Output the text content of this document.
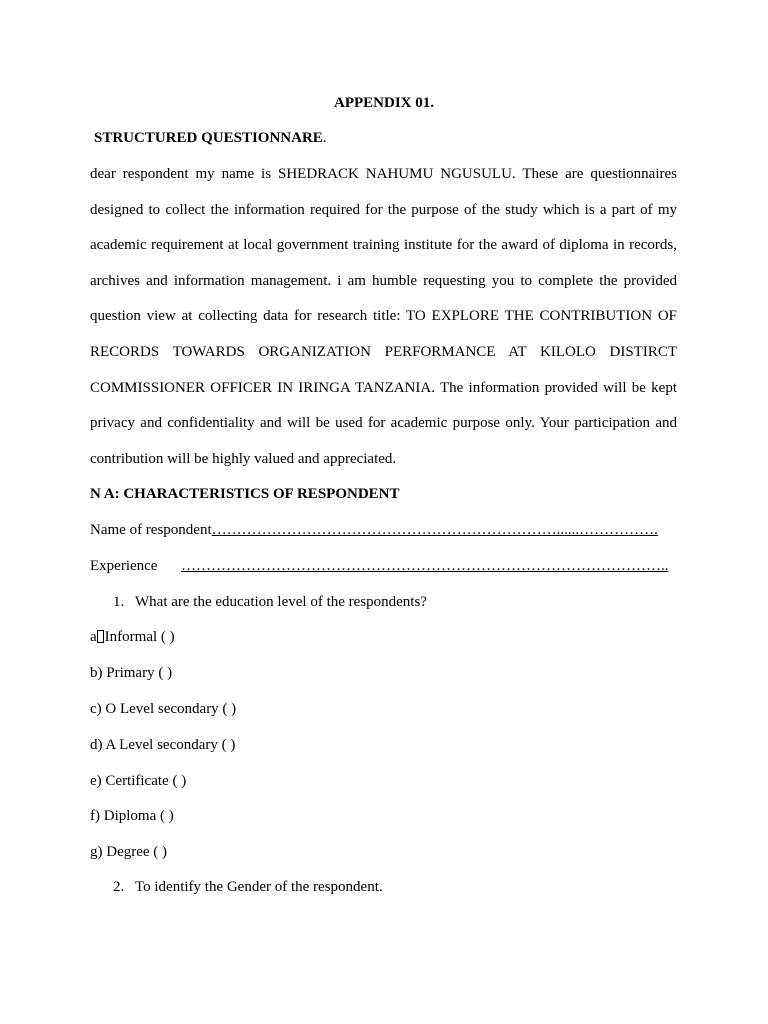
APPENDIX 01.
STRUCTURED QUESTIONNARE.
dear respondent my name is SHEDRACK NAHUMU NGUSULU. These are questionnaires
designed to collect the information required for the purpose of the study which is a part of my
academic requirement at local government training institute for the award of diploma in records,
archives and information management. i am humble requesting you to complete the provided
question view at collecting data for research title: TO EXPLORE THE CONTRIBUTION OF
RECORDS TOWARDS ORGANIZATION PERFORMANCE AT KILOLO DISTIRCT
COMMISSIONER OFFICER IN IRINGA TANZANIA. The information provided will be kept
privacy and confidentiality and will be used for academic purpose only. Your participation and
contribution will be highly valued and appreciated.
N A: CHARACTERISTICS OF RESPONDENT
Name of respondent……………………………………………………………......…………….
Experience ……………………………………………………………………………………..
1. What are the education level of the respondents?
a Informal ( )
b) Primary ( )
c) O Level secondary ( )
d) A Level secondary ( )
e) Certificate ( )
f) Diploma ( )
g) Degree ( )
2. To identify the Gender of the respondent.
